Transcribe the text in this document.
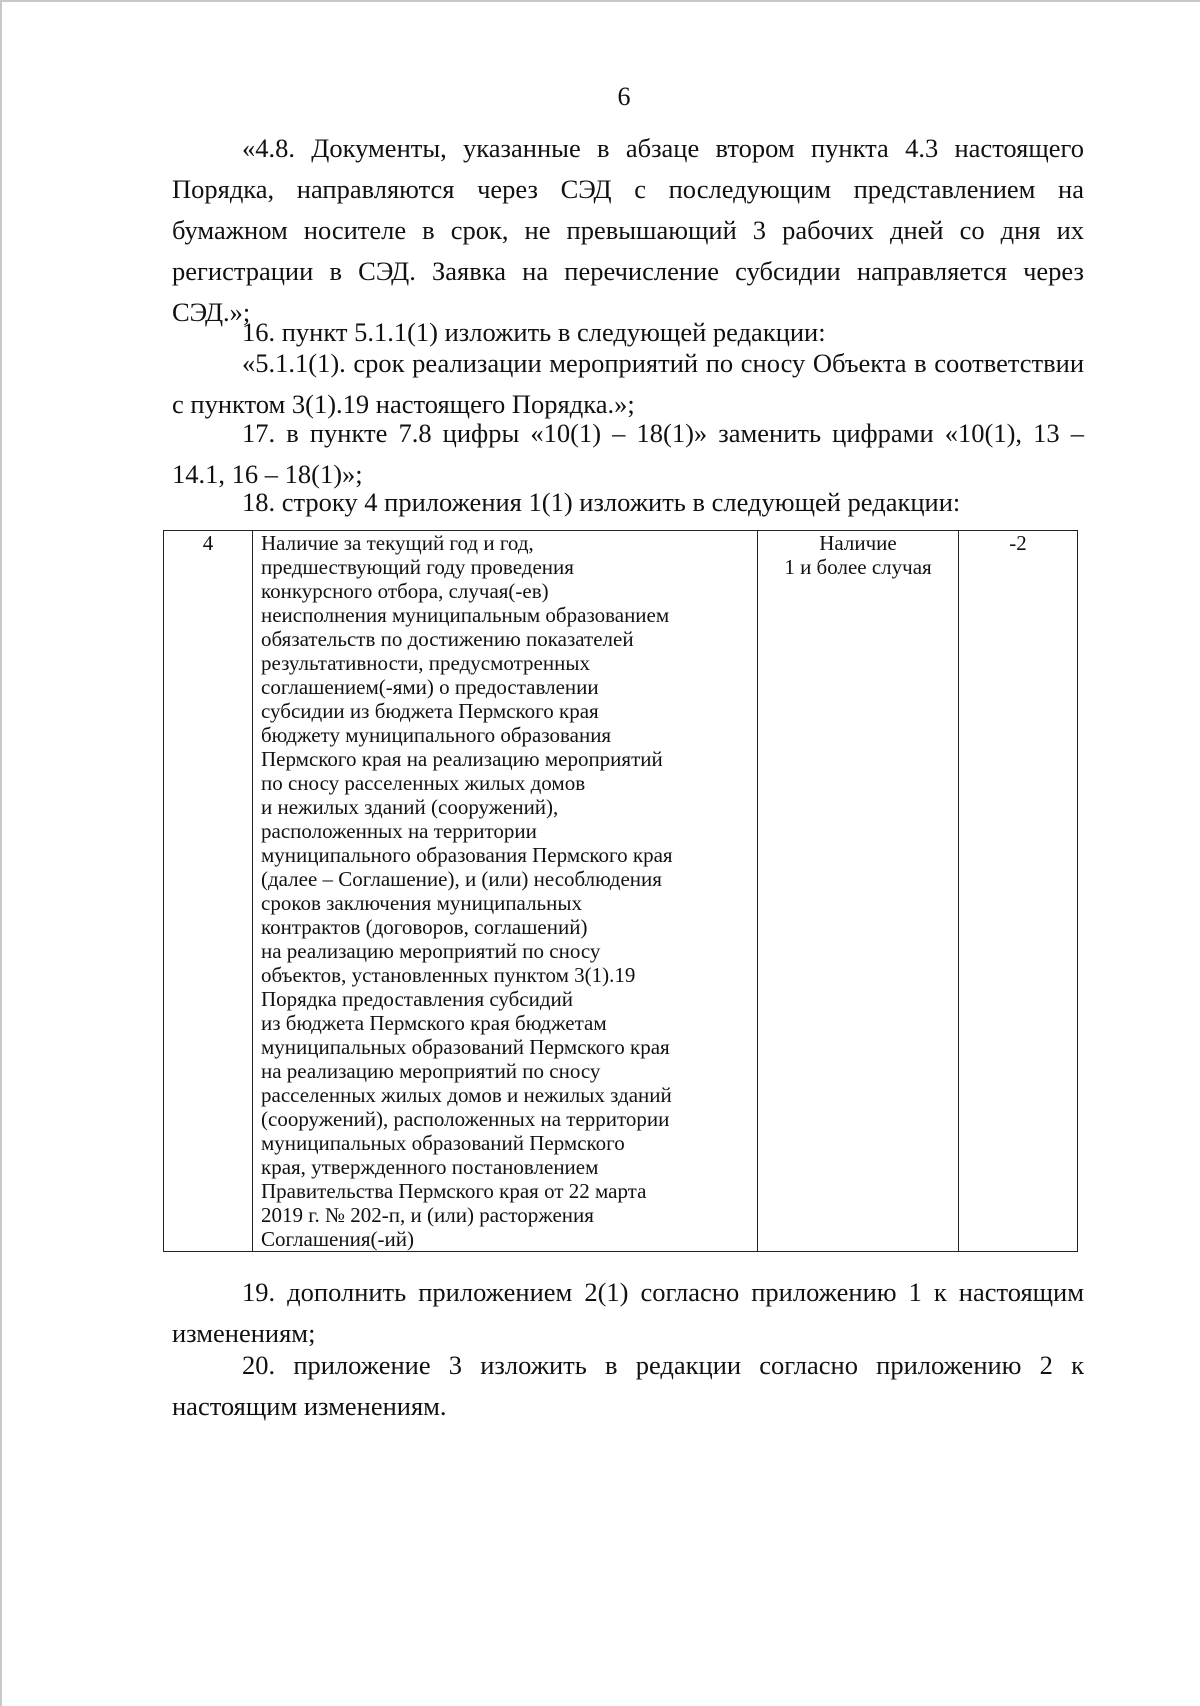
6

«4.8. Документы, указанные в абзаце втором пункта 4.3 настоящего Порядка, направляются через СЭД с последующим представлением на бумажном носителе в срок, не превышающий 3 рабочих дней со дня их регистрации в СЭД. Заявка на перечисление субсидии направляется через СЭД.»;

16. пункт 5.1.1(1) изложить в следующей редакции:

«5.1.1(1). срок реализации мероприятий по сносу Объекта в соответствии с пунктом 3(1).19 настоящего Порядка.»;

17. в пункте 7.8 цифры «10(1) – 18(1)» заменить цифрами «10(1), 13 – 14.1, 16 – 18(1)»;

18. строку 4 приложения 1(1) изложить в следующей редакции:

4	Наличие за текущий год и год,
предшествующий году проведения
конкурсного отбора, случая(-ев)
неисполнения муниципальным образованием
обязательств по достижению показателей
результативности, предусмотренных
соглашением(-ями) о предоставлении
субсидии из бюджета Пермского края
бюджету муниципального образования
Пермского края на реализацию мероприятий
по сносу расселенных жилых домов
и нежилых зданий (сооружений),
расположенных на территории
муниципального образования Пермского края
(далее – Соглашение), и (или) несоблюдения
сроков заключения муниципальных
контрактов (договоров, соглашений)
на реализацию мероприятий по сносу
объектов, установленных пунктом 3(1).19
Порядка предоставления субсидий
из бюджета Пермского края бюджетам
муниципальных образований Пермского края
на реализацию мероприятий по сносу
расселенных жилых домов и нежилых зданий
(сооружений), расположенных на территории
муниципальных образований Пермского
края, утвержденного постановлением
Правительства Пермского края от 22 марта
2019 г. № 202-п, и (или) расторжения
Соглашения(-ий)	Наличие
1 и более случая	-2

19. дополнить приложением 2(1) согласно приложению 1 к настоящим изменениям;

20. приложение 3 изложить в редакции согласно приложению 2 к настоящим изменениям.
